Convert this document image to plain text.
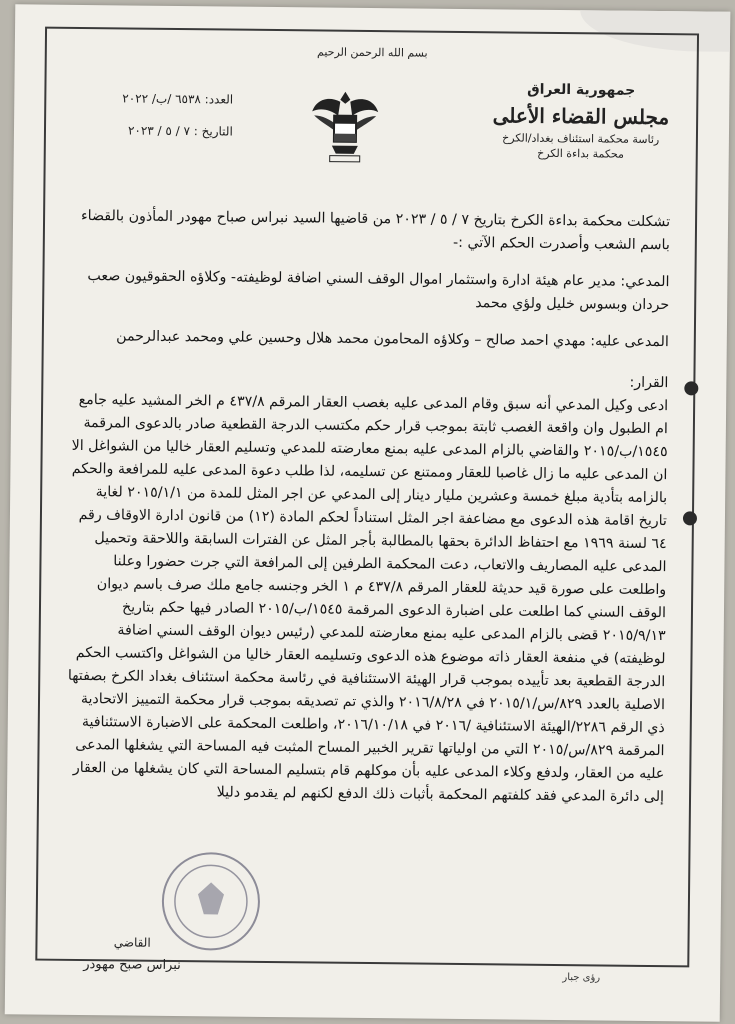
بسم الله الرحمن الرحيم
جمهورية العراق
مجلس القضاء الأعلى
رئاسة محكمة استئناف بغداد/الكرخ
محكمة بداءة الكرخ
العدد: ٦٥٣٨ /ب/ ٢٠٢٢
التاريخ : ٧ / ٥ / ٢٠٢٣
تشكلت محكمة بداءة الكرخ بتاريخ ٧ / ٥ / ٢٠٢٣ من قاضيها السيد نبراس صباح مهودر المأذون بالقضاء باسم الشعب وأصدرت الحكم الآتي :-
المدعي: مدير عام هيئة ادارة واستثمار اموال الوقف السني اضافة لوظيفته- وكلاؤه الحقوقيون صعب حردان وبسوس خليل ولؤي محمد
المدعى عليه: مهدي احمد صالح – وكلاؤه المحامون محمد هلال وحسين علي ومحمد عبدالرحمن
القرار:
ادعى وكيل المدعي أنه سبق وقام المدعى عليه بغصب العقار المرقم ٤٣٧/٨ م الخر المشيد عليه جامع ام الطبول وان واقعة الغصب ثابتة بموجب قرار حكم مكتسب الدرجة القطعية صادر بالدعوى المرقمة ١٥٤٥/ب/٢٠١٥ والقاضي بالزام المدعى عليه بمنع معارضته للمدعي وتسليم العقار خاليا من الشواغل الا ان المدعى عليه ما زال غاصبا للعقار وممتنع عن تسليمه، لذا طلب دعوة المدعى عليه للمرافعة والحكم بالزامه بتأدية مبلغ خمسة وعشرين مليار دينار إلى المدعي عن اجر المثل للمدة من ٢٠١٥/١/١ لغاية تاريخ اقامة هذه الدعوى مع مضاعفة اجر المثل استناداً لحكم المادة (١٢) من قانون ادارة الاوقاف رقم ٦٤ لسنة ١٩٦٩ مع احتفاظ الدائرة بحقها بالمطالبة بأجر المثل عن الفترات السابقة واللاحقة وتحميل المدعى عليه المصاريف والاتعاب، دعت المحكمة الطرفين إلى المرافعة التي جرت حضورا وعلنا واطلعت على صورة قيد حديثة للعقار المرقم ٤٣٧/٨ م ١ الخر وجنسه جامع ملك صرف باسم ديوان الوقف السني كما اطلعت على اضبارة الدعوى المرقمة ١٥٤٥/ب/٢٠١٥ الصادر فيها حكم بتاريخ ٢٠١٥/٩/١٣ قضى بالزام المدعى عليه بمنع معارضته للمدعي (رئيس ديوان الوقف السني اضافة لوظيفته) في منفعة العقار ذاته موضوع هذه الدعوى وتسليمه العقار خاليا من الشواغل واكتسب الحكم الدرجة القطعية بعد تأييده بموجب قرار الهيئة الاستئنافية في رئاسة محكمة استئناف بغداد الكرخ بصفتها الاصلية بالعدد ٨٢٩/س/٢٠١٥/١ في ٢٠١٦/٨/٢٨ والذي تم تصديقه بموجب قرار محكمة التمييز الاتحادية ذي الرقم ٢٢٨٦/الهيئة الاستئنافية /٢٠١٦ في ٢٠١٦/١٠/١٨، واطلعت المحكمة على الاضبارة الاستئنافية المرقمة ٨٢٩/س/٢٠١٥ التي من اولياتها تقرير الخبير المساح المثبت فيه المساحة التي يشغلها المدعى عليه من العقار، ولدفع وكلاء المدعى عليه بأن موكلهم قام بتسليم المساحة التي كان يشغلها من العقار إلى دائرة المدعي فقد كلفتهم المحكمة بأثبات ذلك الدفع لكنهم لم يقدمو دليلا
القاضي
نبراس صبح مهودر
رؤى جبار
